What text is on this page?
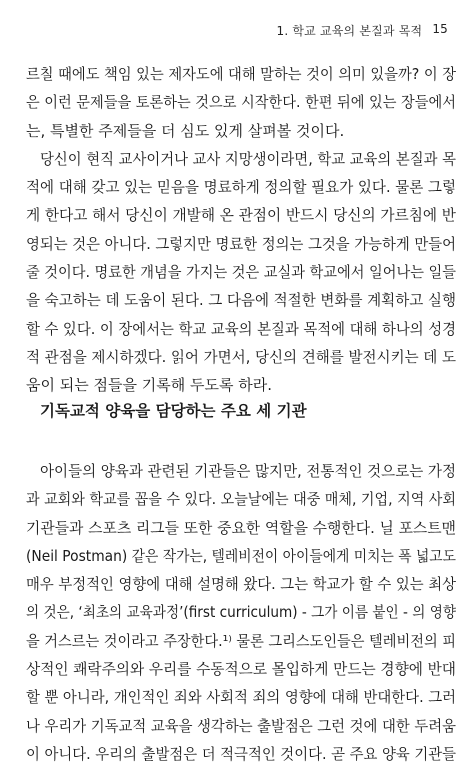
1. 학교 교육의 본질과 목적 15
르칠 때에도 책임 있는 제자도에 대해 말하는 것이 의미 있을까? 이 장
은 이런 문제들을 토론하는 것으로 시작한다. 한편 뒤에 있는 장들에서
는, 특별한 주제들을 더 심도 있게 살펴볼 것이다.
당신이 현직 교사이거나 교사 지망생이라면, 학교 교육의 본질과 목
적에 대해 갖고 있는 믿음을 명료하게 정의할 필요가 있다. 물론 그렇
게 한다고 해서 당신이 개발해 온 관점이 반드시 당신의 가르침에 반
영되는 것은 아니다. 그렇지만 명료한 정의는 그것을 가능하게 만들어
줄 것이다. 명료한 개념을 가지는 것은 교실과 학교에서 일어나는 일들
을 숙고하는 데 도움이 된다. 그 다음에 적절한 변화를 계획하고 실행
할 수 있다. 이 장에서는 학교 교육의 본질과 목적에 대해 하나의 성경
적 관점을 제시하겠다. 읽어 가면서, 당신의 견해를 발전시키는 데 도
움이 되는 점들을 기록해 두도록 하라.
기독교적 양육을 담당하는 주요 세 기관
아이들의 양육과 관련된 기관들은 많지만, 전통적인 것으로는 가정
과 교회와 학교를 꼽을 수 있다. 오늘날에는 대중 매체, 기업, 지역 사회
기관들과 스포츠 리그들 또한 중요한 역할을 수행한다. 닐 포스트맨
(Neil Postman) 같은 작가는, 텔레비전이 아이들에게 미치는 폭 넓고도
매우 부정적인 영향에 대해 설명해 왔다. 그는 학교가 할 수 있는 최상
의 것은, ‘최초의 교육과정’(first curriculum) - 그가 이름 붙인 - 의 영향
을 거스르는 것이라고 주장한다.¹⁾ 물론 그리스도인들은 텔레비전의 피
상적인 쾌락주의와 우리를 수동적으로 몰입하게 만드는 경향에 반대
할 뿐 아니라, 개인적인 죄와 사회적 죄의 영향에 대해 반대한다. 그러
나 우리가 기독교적 교육을 생각하는 출발점은 그런 것에 대한 두려움
이 아니다. 우리의 출발점은 더 적극적인 것이다. 곧 주요 양육 기관들
